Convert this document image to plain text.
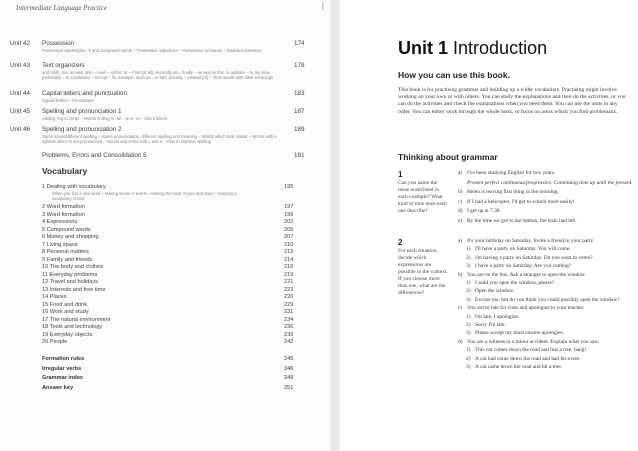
Intermediate Language Practice	|
Unit 42	Possession	174
Possessive apostrophe -'s and compound words – Possessive adjectives – Possessive pronouns – Double possessive
Unit 43	Text organizers	178
and, both, too, as well, also – even – either, or – First (of all), secondly etc., finally – As well as this, in addition – In my view, personally – In conclusion – except – for example, such as – in fact, actually – instead (of) – Time words with other meanings
Unit 44	Capital letters and punctuation	183
Capital letters – Punctuation
Unit 45	Spelling and pronunciation 1	187
Adding -ing to verbs – Words ending in -ful – ie or -ei – Silent letters
Unit 46	Spelling and pronunciation 2	189
Same sound/different spelling – Same pronunciation, different spelling and meaning – Words which look similar – Words with a syllable which is not pronounced – Nouns and verbs with c and s – How to improve spelling
Problems, Errors and Consolidation 5	191
Vocabulary
1 Dealing with vocabulary	195
When you find a new word – Making sense of words – Making the most of your dictionary – Keeping a vocabulary record
2 Word formation	197
3 Word formation	199
4 Expressions	202
5 Compound words	205
6 Money and shopping	207
7 Living space	210
8 Personal matters	212
9 Family and friends	214
10 The body and clothes	216
11 Everyday problems	219
12 Travel and holidays	221
13 Interests and free time	223
14 Places	226
15 Food and drink	229
16 Work and study	231
17 The natural environment	234
18 Tools and technology	236
19 Everyday objects	239
20 People	242
Formation rules	245
Irregular verbs	246
Grammar index	249
Answer key	251
Unit 1 Introduction
How you can use this book.
This book is for practising grammar and building up a wider vocabulary. Practising might involve working on your own or with others. You can study the explanations and then do the activities, or you can do the activities and check the explanations when you need them. You can use the units in any order. You can either work through the whole book, or focus on areas which you find problematic.
Thinking about grammar
1
Can you name the tense underlined in each example? What kind of time does each one describe?
a) I've been studying English for two years.
Present perfect continuous/progressive. Continuing time up until the present.
b) Helen is leaving first thing in the morning.
c) If I had a helicopter, I'd get to school more easily!
d) I get up at 7.30.
e) By the time we got to the station, the train had left.
2
For each situation, decide which expressions are possible in the context. If you choose more than one, what are the differences?
a) It's your birthday on Saturday. Invite a friend to your party.
1) I'll have a party on Saturday. You will come.
2) I'm having a party on Saturday. Do you want to come?
3) I have a party on Saturday. Are you coming?
b) You are on the bus. Ask a stranger to open the window.
1) Could you open the window, please?
2) Open the window.
3) Excuse me, but do you think you could possibly open the window?
c) You arrive late for class and apologize to your teacher.
1) I'm late, I apologize.
2) Sorry I'm late.
3) Please accept my most sincere apologies.
d) You are a witness to a minor accident. Explain what you saw.
1) This car comes down the road and hits a tree, bang!
2) A car had come down the road and had hit a tree.
3) A car came down the road and hit a tree.
